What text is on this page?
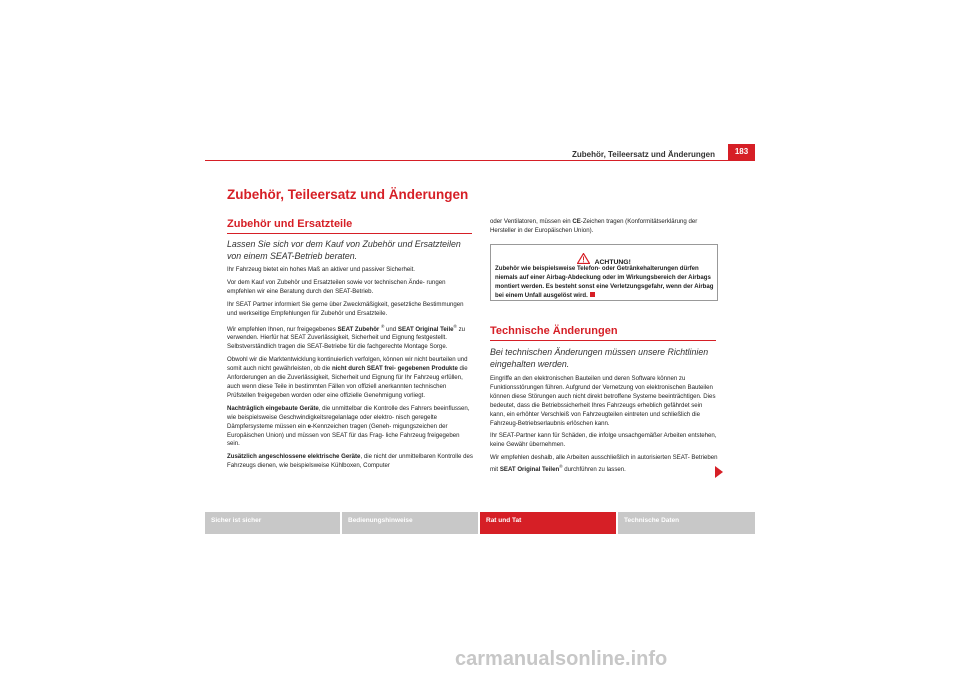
Zubehör, Teileersatz und Änderungen	183
Zubehör, Teileersatz und Änderungen
Zubehör und Ersatzteile
Lassen Sie sich vor dem Kauf von Zubehör und Ersatzteilen von einem SEAT-Betrieb beraten.

Ihr Fahrzeug bietet ein hohes Maß an aktiver und passiver Sicherheit.

Vor dem Kauf von Zubehör und Ersatzteilen sowie vor technischen Ände- rungen empfehlen wir eine Beratung durch den SEAT-Betrieb.

Ihr SEAT Partner informiert Sie gerne über Zweckmäßigkeit, gesetzliche Bestimmungen und werkseitige Empfehlungen für Zubehör und Ersatzteile.

Wir empfehlen Ihnen, nur freigegebenes SEAT Zubehör ® und SEAT Original Teile® zu verwenden. Hierfür hat SEAT Zuverlässigkeit, Sicherheit und Eignung festgestellt. Selbstverständlich tragen die SEAT-Betriebe für die fachgerechte Montage Sorge.

Obwohl wir die Marktentwicklung kontinuierlich verfolgen, können wir nicht beurteilen und somit auch nicht gewährleisten, ob die nicht durch SEAT frei- gegebenen Produkte die Anforderungen an die Zuverlässigkeit, Sicherheit und Eignung für Ihr Fahrzeug erfüllen, auch wenn diese Teile in bestimmten Fällen von offiziell anerkannten technischen Prüfstellen freigegeben worden oder eine offizielle Genehmigung vorliegt.

Nachträglich eingebaute Geräte, die unmittelbar die Kontrolle des Fahrers beeinflussen, wie beispielsweise Geschwindigkeitsregelanlage oder elektro- nisch geregelte Dämpfersysteme müssen ein e-Kennzeichen tragen (Geneh- migungszeichen der Europäischen Union) und müssen von SEAT für das Frag- liche Fahrzeug freigegeben sein.

Zusätzlich angeschlossene elektrische Geräte, die nicht der unmittelbaren Kontrolle des Fahrzeugs dienen, wie beispielsweise Kühlboxen, Computer

oder Ventilatoren, müssen ein CE-Zeichen tragen (Konformitätserklärung der Hersteller in der Europäischen Union).

ACHTUNG!
Zubehör wie beispielsweise Telefon- oder Getränkehalterungen dürfen niemals auf einer Airbag-Abdeckung oder im Wirkungsbereich der Airbags montiert werden. Es besteht sonst eine Verletzungsgefahr, wenn der Airbag bei einem Unfall ausgelöst wird.
Technische Änderungen
Bei technischen Änderungen müssen unsere Richtlinien eingehalten werden.

Eingriffe an den elektronischen Bauteilen und deren Software können zu Funktionsstörungen führen. Aufgrund der Vernetzung von elektronischen Bauteilen können diese Störungen auch nicht direkt betroffene Systeme beeinträchtigen. Dies bedeutet, dass die Betriebssicherheit Ihres Fahrzeugs erheblich gefährdet sein kann, ein erhöhter Verschleiß von Fahrzeugteilen eintreten und schließlich die Fahrzeug-Betriebserlaubnis erlöschen kann.

Ihr SEAT-Partner kann für Schäden, die infolge unsachgemäßer Arbeiten entstehen, keine Gewähr übernehmen.

Wir empfehlen deshalb, alle Arbeiten ausschließlich in autorisierten SEAT- Betrieben mit SEAT Original Teilen® durchführen zu lassen.

Sicher ist sicher	Bedienungshinweise	Rat und Tat	Technische Daten
carmanualsonline.info
